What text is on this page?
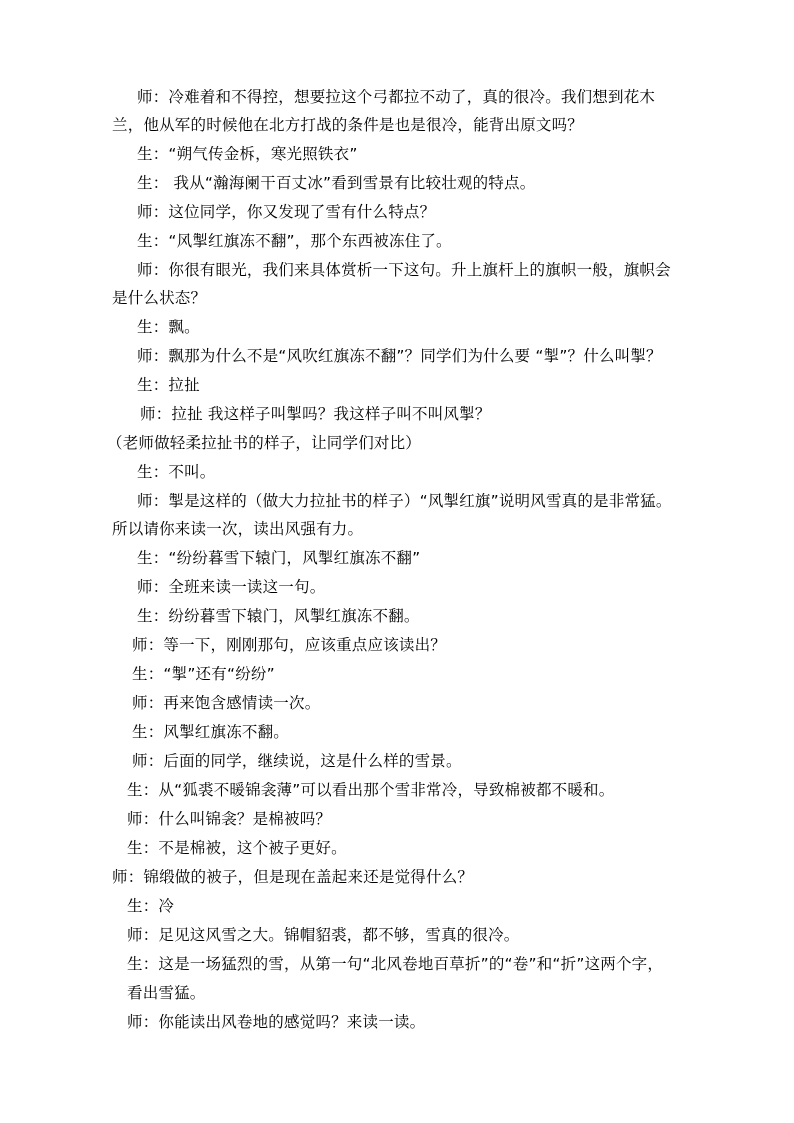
师：冷难着和不得控，想要拉这个弓都拉不动了，真的很冷。我们想到花木
兰，他从军的时候他在北方打战的条件是也是很冷，能背出原文吗？
生：“朔气传金柝，寒光照铁衣”
生： 我从“瀚海阑干百丈冰”看到雪景有比较壮观的特点。
师：这位同学，你又发现了雪有什么特点？
生：“风掣红旗冻不翻”，那个东西被冻住了。
师：你很有眼光，我们来具体赏析一下这句。升上旗杆上的旗帜一般，旗帜会
是什么状态？
生：飘。
师：飘那为什么不是“风吹红旗冻不翻”？同学们为什么要 “掣”？什么叫掣？
生：拉扯
师：拉扯 我这样子叫掣吗？我这样子叫不叫风掣？
（老师做轻柔拉扯书的样子，让同学们对比）
生：不叫。
师：掣是这样的（做大力拉扯书的样子）“风掣红旗”说明风雪真的是非常猛。
所以请你来读一次，读出风强有力。
生：“纷纷暮雪下辕门，风掣红旗冻不翻”
师：全班来读一读这一句。
生：纷纷暮雪下辕门，风掣红旗冻不翻。
师：等一下，刚刚那句，应该重点应该读出？
生：“掣”还有“纷纷”
师：再来饱含感情读一次。
生：风掣红旗冻不翻。
师：后面的同学，继续说，这是什么样的雪景。
生：从“狐裘不暖锦衾薄”可以看出那个雪非常冷，导致棉被都不暖和。
师：什么叫锦衾？是棉被吗？
生：不是棉被，这个被子更好。
师：锦缎做的被子，但是现在盖起来还是觉得什么？
生：冷
师：足见这风雪之大。锦帽貂裘，都不够，雪真的很冷。
生：这是一场猛烈的雪，从第一句“北风卷地百草折”的“卷”和“折”这两个字，
看出雪猛。
师：你能读出风卷地的感觉吗？来读一读。
